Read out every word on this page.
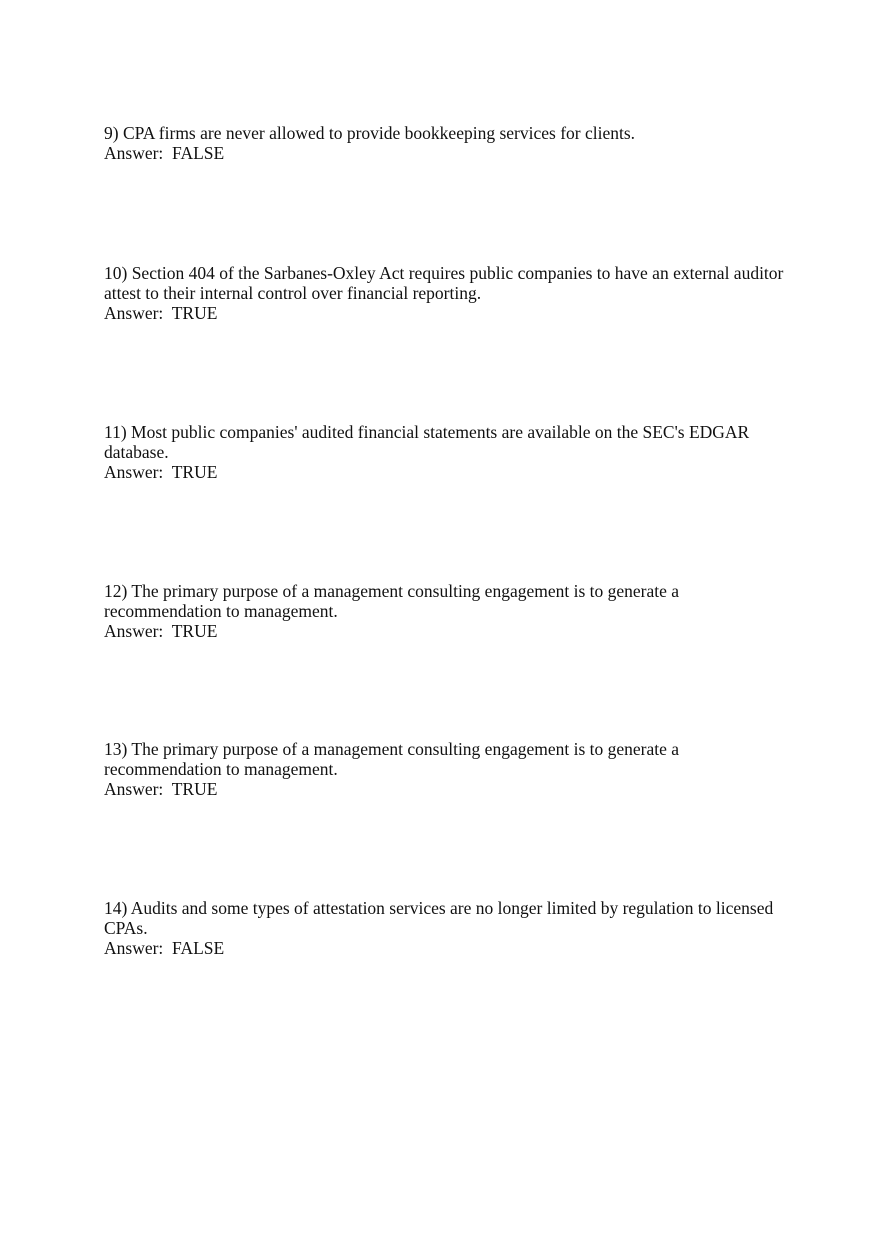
9) CPA firms are never allowed to provide bookkeeping services for clients.
Answer:  FALSE
10) Section 404 of the Sarbanes-Oxley Act requires public companies to have an external auditor
attest to their internal control over financial reporting.
Answer:  TRUE
11) Most public companies' audited financial statements are available on the SEC's EDGAR
database.
Answer:  TRUE
12) The primary purpose of a management consulting engagement is to generate a
recommendation to management.
Answer:  TRUE
13) The primary purpose of a management consulting engagement is to generate a
recommendation to management.
Answer:  TRUE
14) Audits and some types of attestation services are no longer limited by regulation to licensed
CPAs.
Answer:  FALSE
